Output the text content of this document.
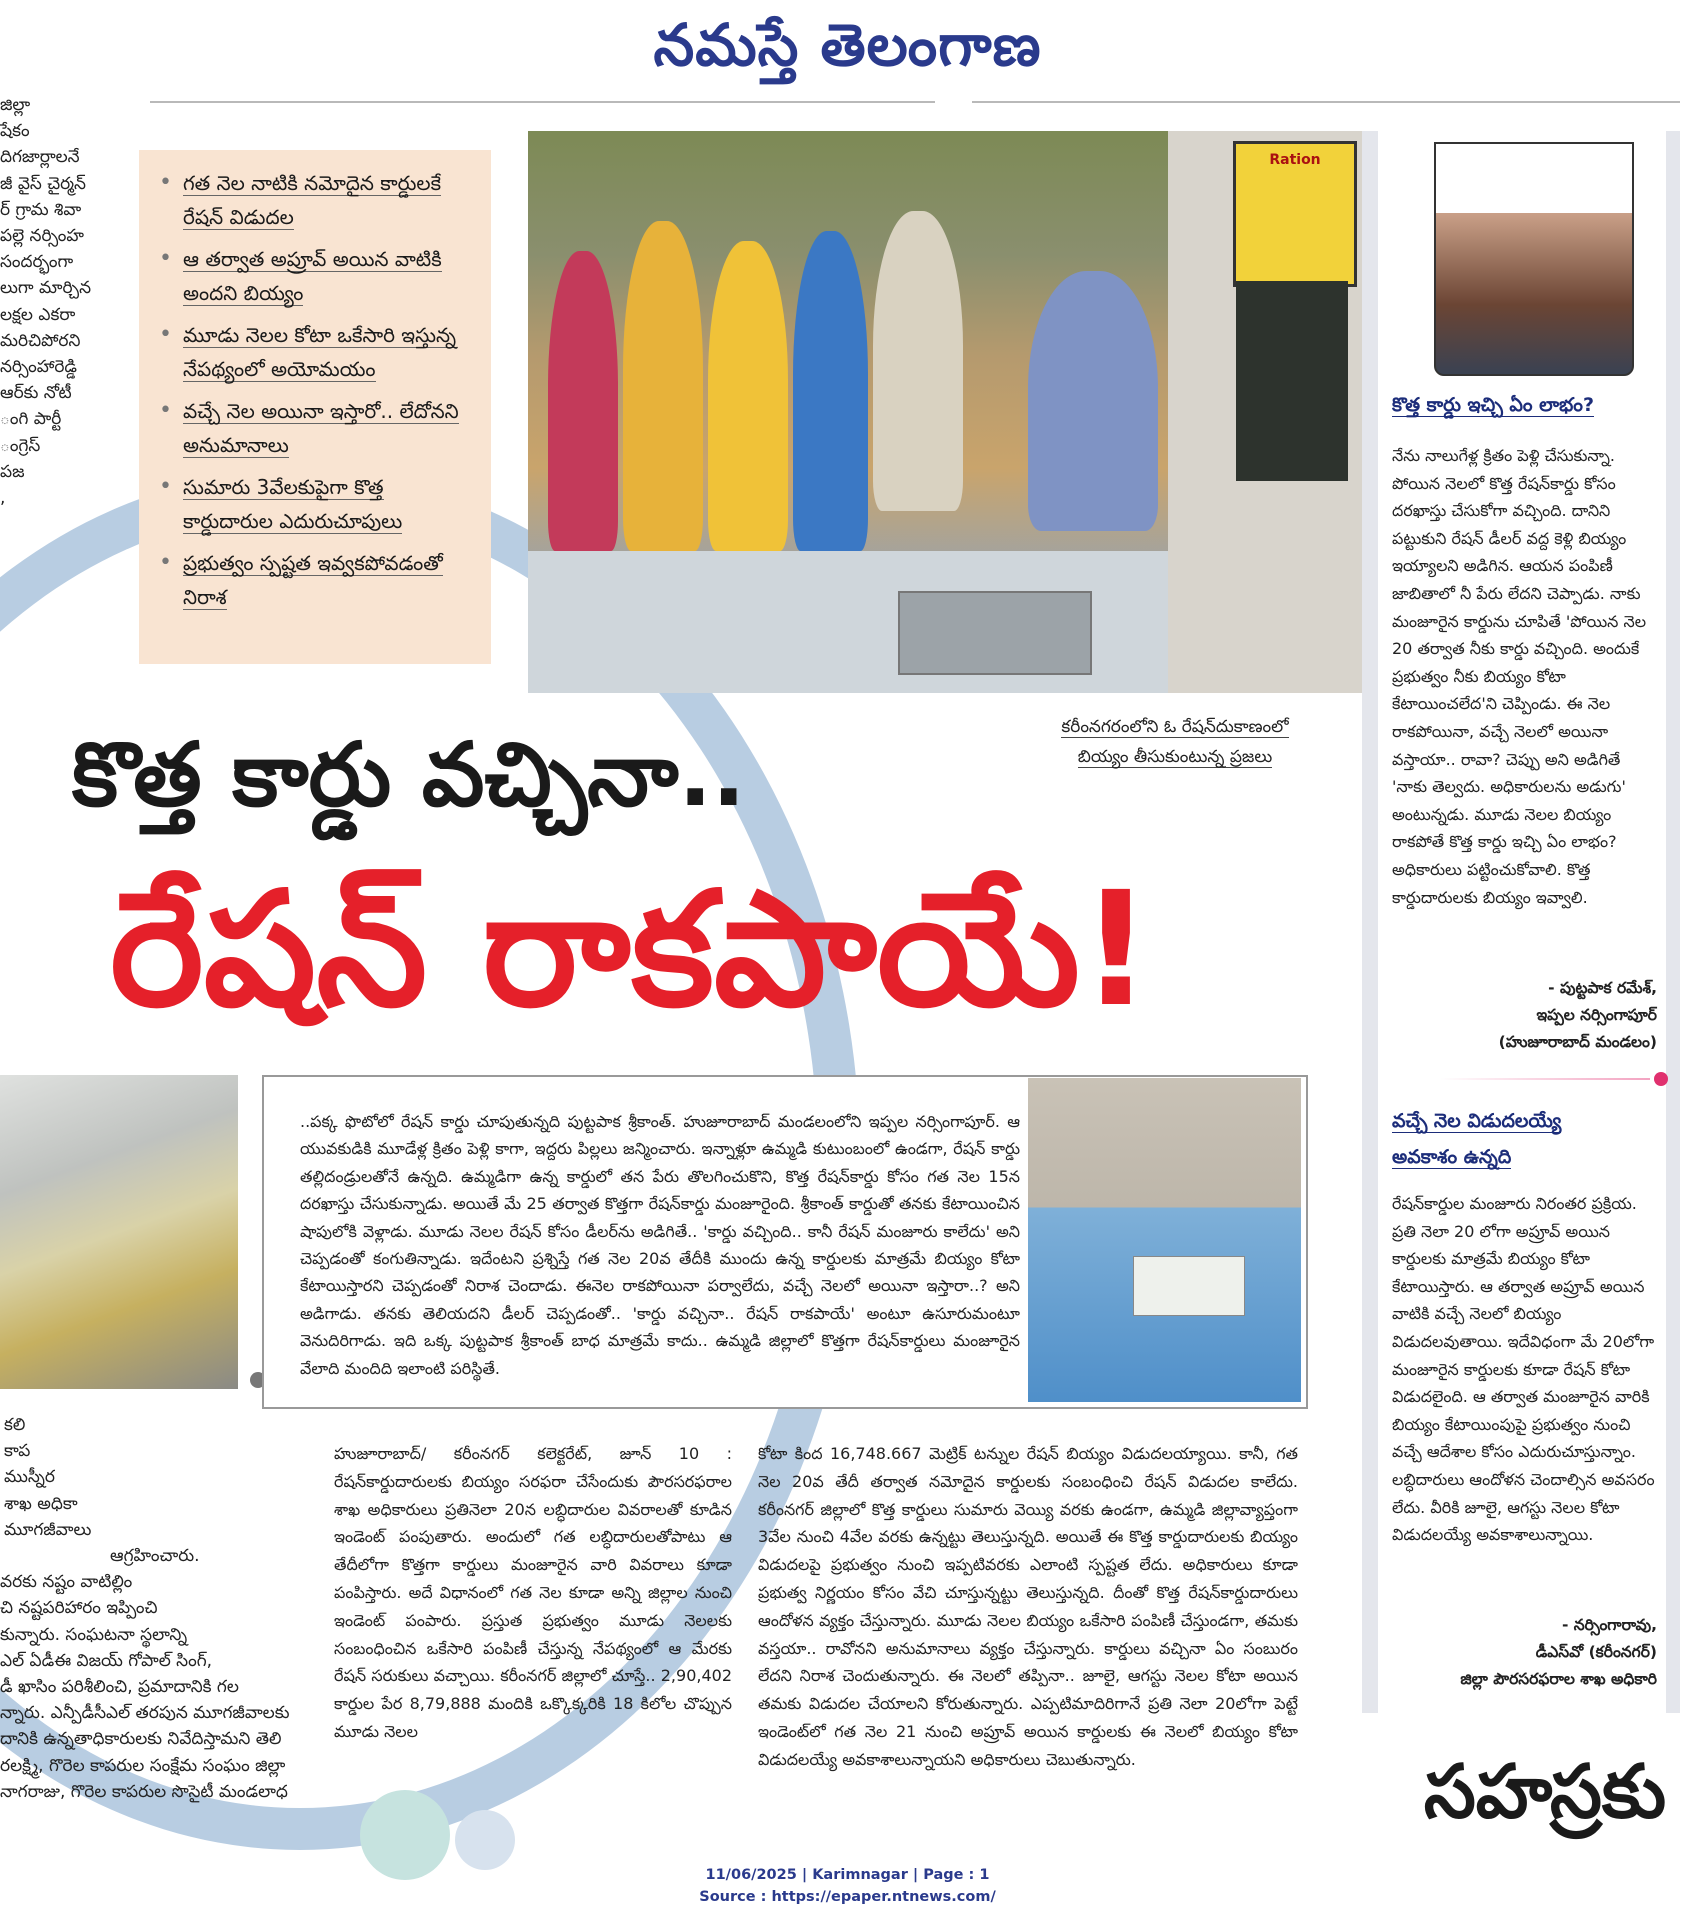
నమస్తే తెలంగాణ
జిల్లా
షేకం
దిగజార్లాలనే
జీ వైస్ చైర్మన్
ర్ గ్రామ శివా
పల్లె నర్సింహ
సందర్భంగా
లుగా మార్చిన
లక్షల ఎకరా
మరిచిపోరని
నర్సింహారెడ్డి
ఆర్‌కు నోటీ
ంగి పార్టీ
ంగ్రెస్
పజ
,
• గత నెల నాటికి నమోదైన కార్డులకే రేషన్ విడుదల
• ఆ తర్వాత అప్రూవ్ అయిన వాటికి అందని బియ్యం
• మూడు నెలల కోటా ఒకేసారి ఇస్తున్న నేపథ్యంలో అయోమయం
• వచ్చే నెల అయినా ఇస్తారో.. లేదోనని అనుమానాలు
• సుమారు 3వేలకుపైగా కొత్త కార్డుదారుల ఎదురుచూపులు
• ప్రభుత్వం స్పష్టత ఇవ్వకపోవడంతో నిరాశ
Ration
కరీంనగరంలోని ఓ రేషన్‌దుకాణంలో
బియ్యం తీసుకుంటున్న ప్రజలు
కొత్త కార్డు వచ్చినా..
రేషన్ రాకపాయే!
కొత్త కార్డు ఇచ్చి ఏం లాభం?
నేను నాలుగేళ్ల క్రితం పెళ్లి చేసుకున్నా. పోయిన నెలలో కొత్త రేషన్‌కార్డు కోసం దరఖాస్తు చేసుకోగా వచ్చింది. దానిని పట్టుకుని రేషన్ డీలర్ వద్ద కెళ్లి బియ్యం ఇయ్యాలని అడిగిన. ఆయన పంపిణీ జాబితాలో నీ పేరు లేదని చెప్పాడు. నాకు మంజూరైన కార్డును చూపితే 'పోయిన నెల 20 తర్వాత నీకు కార్డు వచ్చింది. అందుకే ప్రభుత్వం నీకు బియ్యం కోటా కేటాయించలేద'ని చెప్పిండు. ఈ నెల రాకపోయినా, వచ్చే నెలలో అయినా వస్తాయా.. రావా? చెప్పు అని అడిగితే 'నాకు తెల్వదు. అధికారులను అడుగు' అంటున్నడు. మూడు నెలల బియ్యం రాకపోతే కొత్త కార్డు ఇచ్చి ఏం లాభం? అధికారులు పట్టించుకోవాలి. కొత్త కార్డుదారులకు బియ్యం ఇవ్వాలి.
- పుట్టపాక రమేశ్,
ఇప్పల నర్సింగాపూర్
(హుజూరాబాద్ మండలం)
వచ్చే నెల విడుదలయ్యే
అవకాశం ఉన్నది
రేషన్‌కార్డుల మంజూరు నిరంతర ప్రక్రియ. ప్రతి నెలా 20 లోగా అప్రూవ్ అయిన కార్డులకు మాత్రమే బియ్యం కోటా కేటాయిస్తారు. ఆ తర్వాత అప్రూవ్ అయిన వాటికి వచ్చే నెలలో బియ్యం విడుదలవుతాయి. ఇదేవిధంగా మే 20లోగా మంజూరైన కార్డులకు కూడా రేషన్ కోటా విడుదలైంది. ఆ తర్వాత మంజూరైన వారికి బియ్యం కేటాయింపుపై ప్రభుత్వం నుంచి వచ్చే ఆదేశాల కోసం ఎదురుచూస్తున్నాం. లబ్ధిదారులు ఆందోళన చెందాల్సిన అవసరం లేదు. వీరికి జూలై, ఆగస్టు నెలల కోటా విడుదలయ్యే అవకాశాలున్నాయి.
- నర్సింగారావు,
డీఎస్‌వో (కరీంనగర్)
జిల్లా పౌరసరఫరాల శాఖ అధికారి
..పక్క ఫొటోలో రేషన్ కార్డు చూపుతున్నది పుట్టపాక శ్రీకాంత్. హుజూరాబాద్ మండలంలోని ఇప్పల నర్సింగాపూర్. ఆ యువకుడికి మూడేళ్ల క్రితం పెళ్లి కాగా, ఇద్దరు పిల్లలు జన్మించారు. ఇన్నాళ్లూ ఉమ్మడి కుటుంబంలో ఉండగా, రేషన్ కార్డు తల్లిదండ్రులతోనే ఉన్నది. ఉమ్మడిగా ఉన్న కార్డులో తన పేరు తొలగించుకొని, కొత్త రేషన్‌కార్డు కోసం గత నెల 15న దరఖాస్తు చేసుకున్నాడు. అయితే మే 25 తర్వాత కొత్తగా రేషన్‌కార్డు మంజూరైంది. శ్రీకాంత్ కార్డుతో తనకు కేటాయించిన షాపులోకి వెళ్లాడు. మూడు నెలల రేషన్ కోసం డీలర్‌ను అడిగితే.. 'కార్డు వచ్చింది.. కానీ రేషన్ మంజూరు కాలేదు' అని చెప్పడంతో కంగుతిన్నాడు. ఇదేంటని ప్రశ్నిస్తే గత నెల 20వ తేదీకి ముందు ఉన్న కార్డులకు మాత్రమే బియ్యం కోటా కేటాయిస్తారని చెప్పడంతో నిరాశ చెందాడు. ఈనెల రాకపోయినా పర్వాలేదు, వచ్చే నెలలో అయినా ఇస్తారా..? అని అడిగాడు. తనకు తెలియదని డీలర్ చెప్పడంతో.. 'కార్డు వచ్చినా.. రేషన్ రాకపాయే' అంటూ ఉసూరుమంటూ వెనుదిరిగాడు. ఇది ఒక్క పుట్టపాక శ్రీకాంత్ బాధ మాత్రమే కాదు.. ఉమ్మడి జిల్లాలో కొత్తగా రేషన్‌కార్డులు మంజూరైన వేలాది మందిది ఇలాంటి పరిస్థితే.
కలి
కాప
ముస్నీర
శాఖ అధికా
మూగజీవాలు
ఆగ్రహించారు.
వరకు నష్టం వాటిల్లిం
చి నష్టపరిహారం ఇప్పించి
కున్నారు. సంఘటనా స్థలాన్ని
ఎల్ ఏడీఈ విజయ్ గోపాల్ సింగ్,
డీ ఖాసిం పరిశీలించి, ప్రమాదానికి గల
న్నారు. ఎన్పీడీసీఎల్ తరపున మూగజీవాలకు
దానికి ఉన్నతాధికారులకు నివేదిస్తామని తెలి
రలక్ష్మి, గొరెల కాపరుల సంక్షేమ సంఘం జిల్లా
నాగరాజు, గొరెల కాపరుల సొసైటీ మండలాధ
హుజూరాబాద్/ కరీంనగర్ కలెక్టరేట్, జూన్ 10 : రేషన్‌కార్డుదారులకు బియ్యం సరఫరా చేసేందుకు పౌరసరఫరాల శాఖ అధికారులు ప్రతినెలా 20న లబ్ధిదారుల వివరాలతో కూడిన ఇండెంట్ పంపుతారు. అందులో గత లబ్ధిదారులతోపాటు ఆ తేదీలోగా కొత్తగా కార్డులు మంజూరైన వారి వివరాలు కూడా పంపిస్తారు. అదే విధానంలో గత నెల కూడా అన్ని జిల్లాల నుంచి ఇండెంట్ పంపారు. ప్రస్తుత ప్రభుత్వం మూడు నెలలకు సంబంధించిన ఒకేసారి పంపిణీ చేస్తున్న నేపథ్యంలో ఆ మేరకు రేషన్ సరుకులు వచ్చాయి. కరీంనగర్ జిల్లాలో చూస్తే.. 2,90,402 కార్డుల పేర 8,79,888 మందికి ఒక్కొక్కరికి 18 కిలోల చొప్పున మూడు నెలల
కోటా కింద 16,748.667 మెట్రిక్ టన్నుల రేషన్ బియ్యం విడుదలయ్యాయి. కానీ, గత నెల 20వ తేదీ తర్వాత నమోదైన కార్డులకు సంబంధించి రేషన్ విడుదల కాలేదు. కరీంనగర్ జిల్లాలో కొత్త కార్డులు సుమారు వెయ్యి వరకు ఉండగా, ఉమ్మడి జిల్లావ్యాప్తంగా 3వేల నుంచి 4వేల వరకు ఉన్నట్టు తెలుస్తున్నది. అయితే ఈ కొత్త కార్డుదారులకు బియ్యం విడుదలపై ప్రభుత్వం నుంచి ఇప్పటివరకు ఎలాంటి స్పష్టత లేదు. అధికారులు కూడా ప్రభుత్వ నిర్ణయం కోసం వేచి చూస్తున్నట్టు తెలుస్తున్నది. దీంతో కొత్త రేషన్‌కార్డుదారులు ఆందోళన వ్యక్తం చేస్తున్నారు. మూడు నెలల బియ్యం ఒకేసారి పంపిణీ చేస్తుండగా, తమకు వస్తయా.. రావోనని అనుమానాలు వ్యక్తం చేస్తున్నారు. కార్డులు వచ్చినా ఏం సంబురం లేదని నిరాశ చెందుతున్నారు. ఈ నెలలో తప్పినా.. జూలై, ఆగస్టు నెలల కోటా అయిన తమకు విడుదల చేయాలని కోరుతున్నారు. ఎప్పటిమాదిరిగానే ప్రతి నెలా 20లోగా పెట్టే ఇండెంట్‌లో గత నెల 21 నుంచి అప్రూవ్ అయిన కార్డులకు ఈ నెలలో బియ్యం కోటా విడుదలయ్యే అవకాశాలున్నాయని అధికారులు చెబుతున్నారు.	సహస్రకు
11/06/2025 | Karimnagar | Page : 1
Source : https://epaper.ntnews.com/
